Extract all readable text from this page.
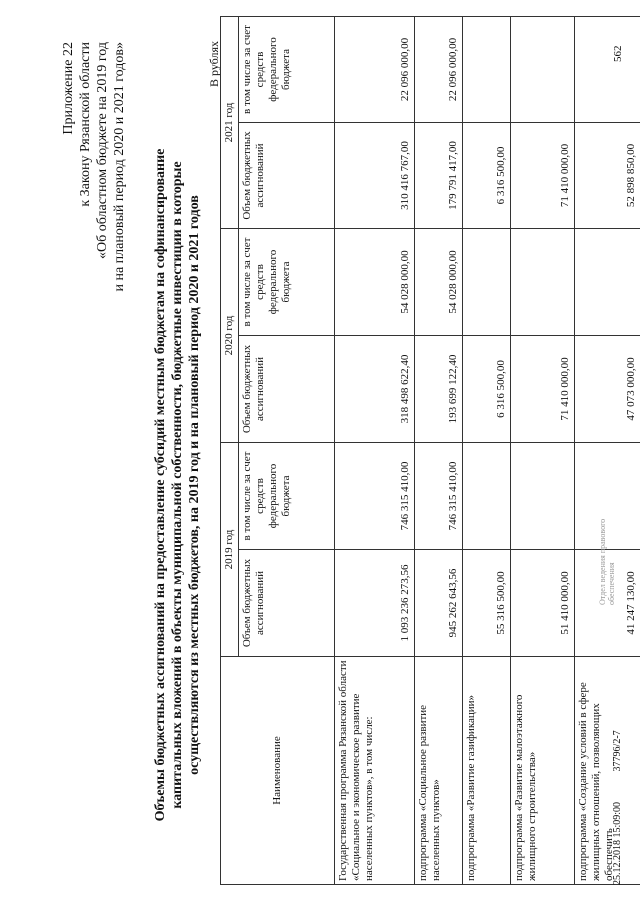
562
Приложение 22 к Закону Рязанской области «Об областном бюджете на 2019 год и на плановый период 2020 и 2021 годов» Объемы бюджетных ассигнований на предоставление субсидий местным бюджетам на софинансирование капитальных вложений в объекты муниципальной собственности, бюджетные инвестиции в которые осуществляются из местных бюджетов, на 2019 год и на плановый период 2020 и 2021 годов
В рублях
Наименование	2019 год		2020 год		2021 год	
	Объем бюджетных ассигнований	в том числе за счет средств федерального бюджета	Объем бюджетных ассигнований	в том числе за счет средств федерального бюджета	Объем бюджетных ассигнований	в том числе за счет средств федерального бюджета
Государственная программа Рязанской области «Социальное и экономическое развитие населенных пунктов», в том числе:	1 093 236 273,56	746 315 410,00	318 498 622,40	54 028 000,00	310 416 767,00	22 096 000,00
подпрограмма «Социальное развитие населенных пунктов»	945 262 643,56	746 315 410,00	193 699 122,40	54 028 000,00	179 791 417,00	22 096 000,00
подпрограмма «Развитие газификации»	55 316 500,00		6 316 500,00		6 316 500,00	
подпрограмма «Развитие малоэтажного жилищного строительства»	51 410 000,00		71 410 000,00		71 410 000,00	
подпрограмма «Создание условий в сфере жилищных отношений, позволяющих обеспечить	41 247 130,00		47 073 000,00		52 898 850,00	
Отдел ведения правового обеспечения
25.12.2018 15:09:00 37796/2-7
